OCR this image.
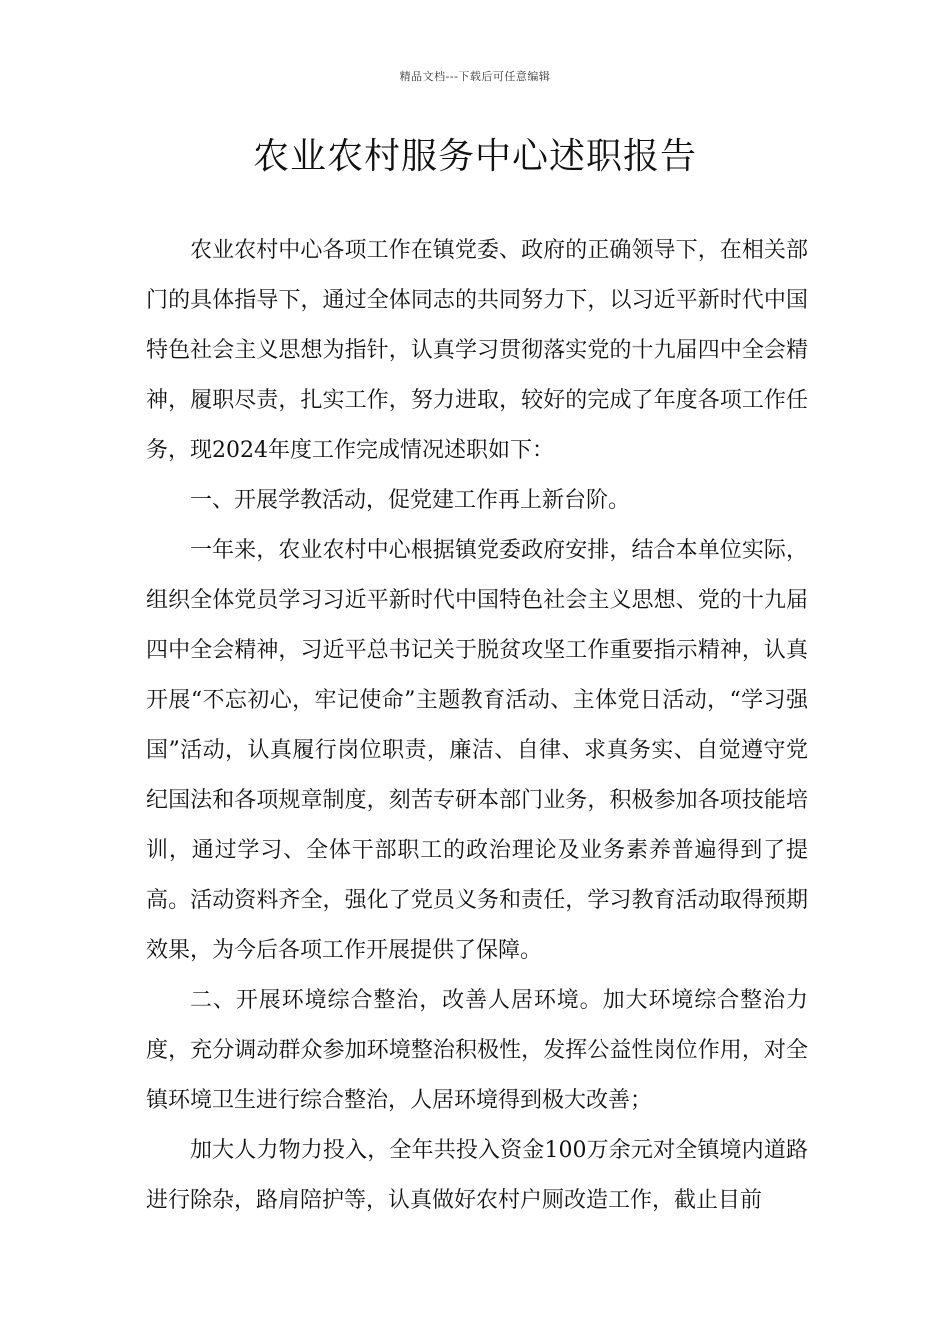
精品文档---下载后可任意编辑
农业农村服务中心述职报告

农业农村中心各项工作在镇党委、政府的正确领导下，在相关部门的具体指导下，通过全体同志的共同努力下，以习近平新时代中国特色社会主义思想为指针，认真学习贯彻落实党的十九届四中全会精神，履职尽责，扎实工作，努力进取，较好的完成了年度各项工作任务，现2024年度工作完成情况述职如下：

一、开展学教活动，促党建工作再上新台阶。

一年来，农业农村中心根据镇党委政府安排，结合本单位实际，组织全体党员学习习近平新时代中国特色社会主义思想、党的十九届四中全会精神，习近平总书记关于脱贫攻坚工作重要指示精神，认真开展“不忘初心，牢记使命”主题教育活动、主体党日活动，“学习强国”活动，认真履行岗位职责，廉洁、自律、求真务实、自觉遵守党纪国法和各项规章制度，刻苦专研本部门业务，积极参加各项技能培训，通过学习、全体干部职工的政治理论及业务素养普遍得到了提高。活动资料齐全，强化了党员义务和责任，学习教育活动取得预期效果，为今后各项工作开展提供了保障。

二、开展环境综合整治，改善人居环境。加大环境综合整治力度，充分调动群众参加环境整治积极性，发挥公益性岗位作用，对全镇环境卫生进行综合整治，人居环境得到极大改善；

加大人力物力投入，全年共投入资金100万余元对全镇境内道路进行除杂，路肩陪护等，认真做好农村户厕改造工作，截止目前
